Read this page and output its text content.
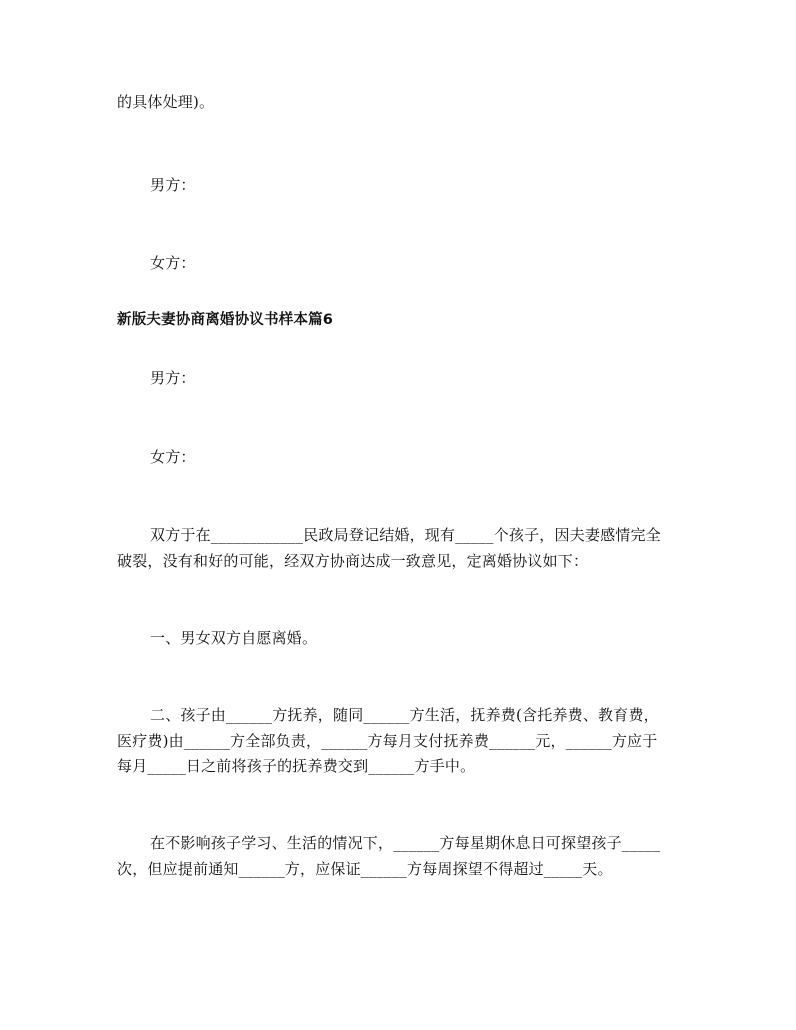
的具体处理)。
男方：
女方：
新版夫妻协商离婚协议书样本篇6
男方：
女方：
双方于在____________民政局登记结婚，现有_____个孩子，因夫妻感情完全
破裂，没有和好的可能，经双方协商达成一致意见，定离婚协议如下：
一、男女双方自愿离婚。
二、孩子由______方抚养，随同______方生活，抚养费(含托养费、教育费，
医疗费)由______方全部负责，______方每月支付抚养费______元，______方应于
每月_____日之前将孩子的抚养费交到______方手中。
在不影响孩子学习、生活的情况下，______方每星期休息日可探望孩子_____
次，但应提前通知______方，应保证______方每周探望不得超过_____天。
